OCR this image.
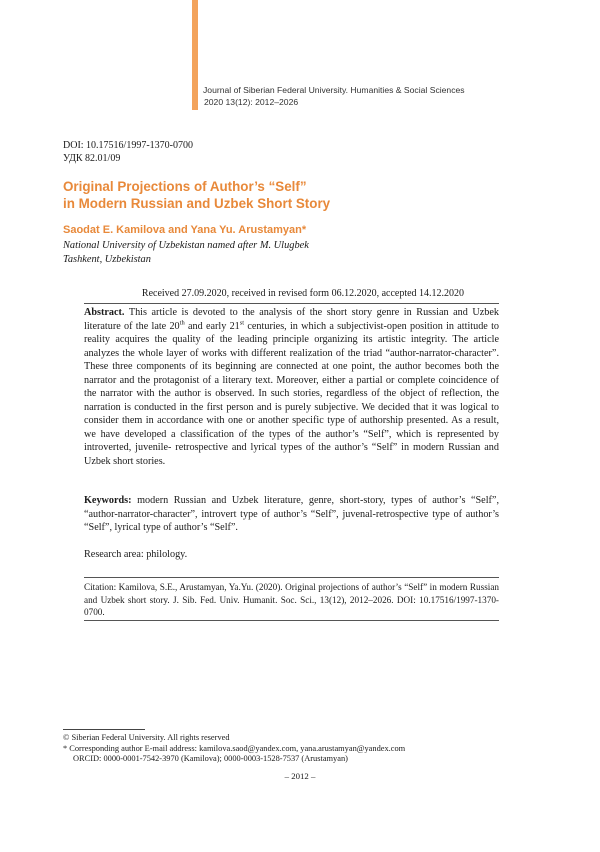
Journal of Siberian Federal University. Humanities & Social Sciences
2020 13(12): 2012–2026
DOI: 10.17516/1997-1370-0700
УДК 82.01/09
Original Projections of Author’s “Self”
in Modern Russian and Uzbek Short Story
Saodat E. Kamilova and Yana Yu. Arustamyan*
National University of Uzbekistan named after M. Ulugbek
Tashkent, Uzbekistan
Received 27.09.2020, received in revised form 06.12.2020, accepted 14.12.2020

Abstract. This article is devoted to the analysis of the short story genre in Russian and Uzbek literature of the late 20th and early 21st centuries, in which a subjectivist-open position in attitude to reality acquires the quality of the leading principle organizing its artistic integrity. The article analyzes the whole layer of works with different realization of the triad “author-narrator-character”. These three components of its beginning are connected at one point, the author becomes both the narrator and the protagonist of a literary text. Moreover, either a partial or complete coincidence of the narrator with the author is observed. In such stories, regardless of the object of reflection, the narration is conducted in the first person and is purely subjective. We decided that it was logical to consider them in accordance with one or another specific type of authorship presented. As a result, we have developed a classification of the types of the author’s “Self”, which is represented by introverted, juvenile- retrospective and lyrical types of the author’s “Self” in modern Russian and Uzbek short stories.

Keywords: modern Russian and Uzbek literature, genre, short-story, types of author’s “Self”, “author-narrator-character”, introvert type of author’s “Self”, juvenal-retrospective type of author’s “Self”, lyrical type of author’s “Self”.
Research area: philology.
Citation: Kamilova, S.E., Arustamyan, Ya.Yu. (2020). Original projections of author’s “Self” in modern Russian and Uzbek short story. J. Sib. Fed. Univ. Humanit. Soc. Sci., 13(12), 2012–2026. DOI: 10.17516/1997-1370-0700.
© Siberian Federal University. All rights reserved
* Corresponding author E-mail address: kamilova.saod@yandex.com, yana.arustamyan@yandex.com
ORCID: 0000-0001-7542-3970 (Kamilova); 0000-0003-1528-7537 (Arustamyan)
– 2012 –
